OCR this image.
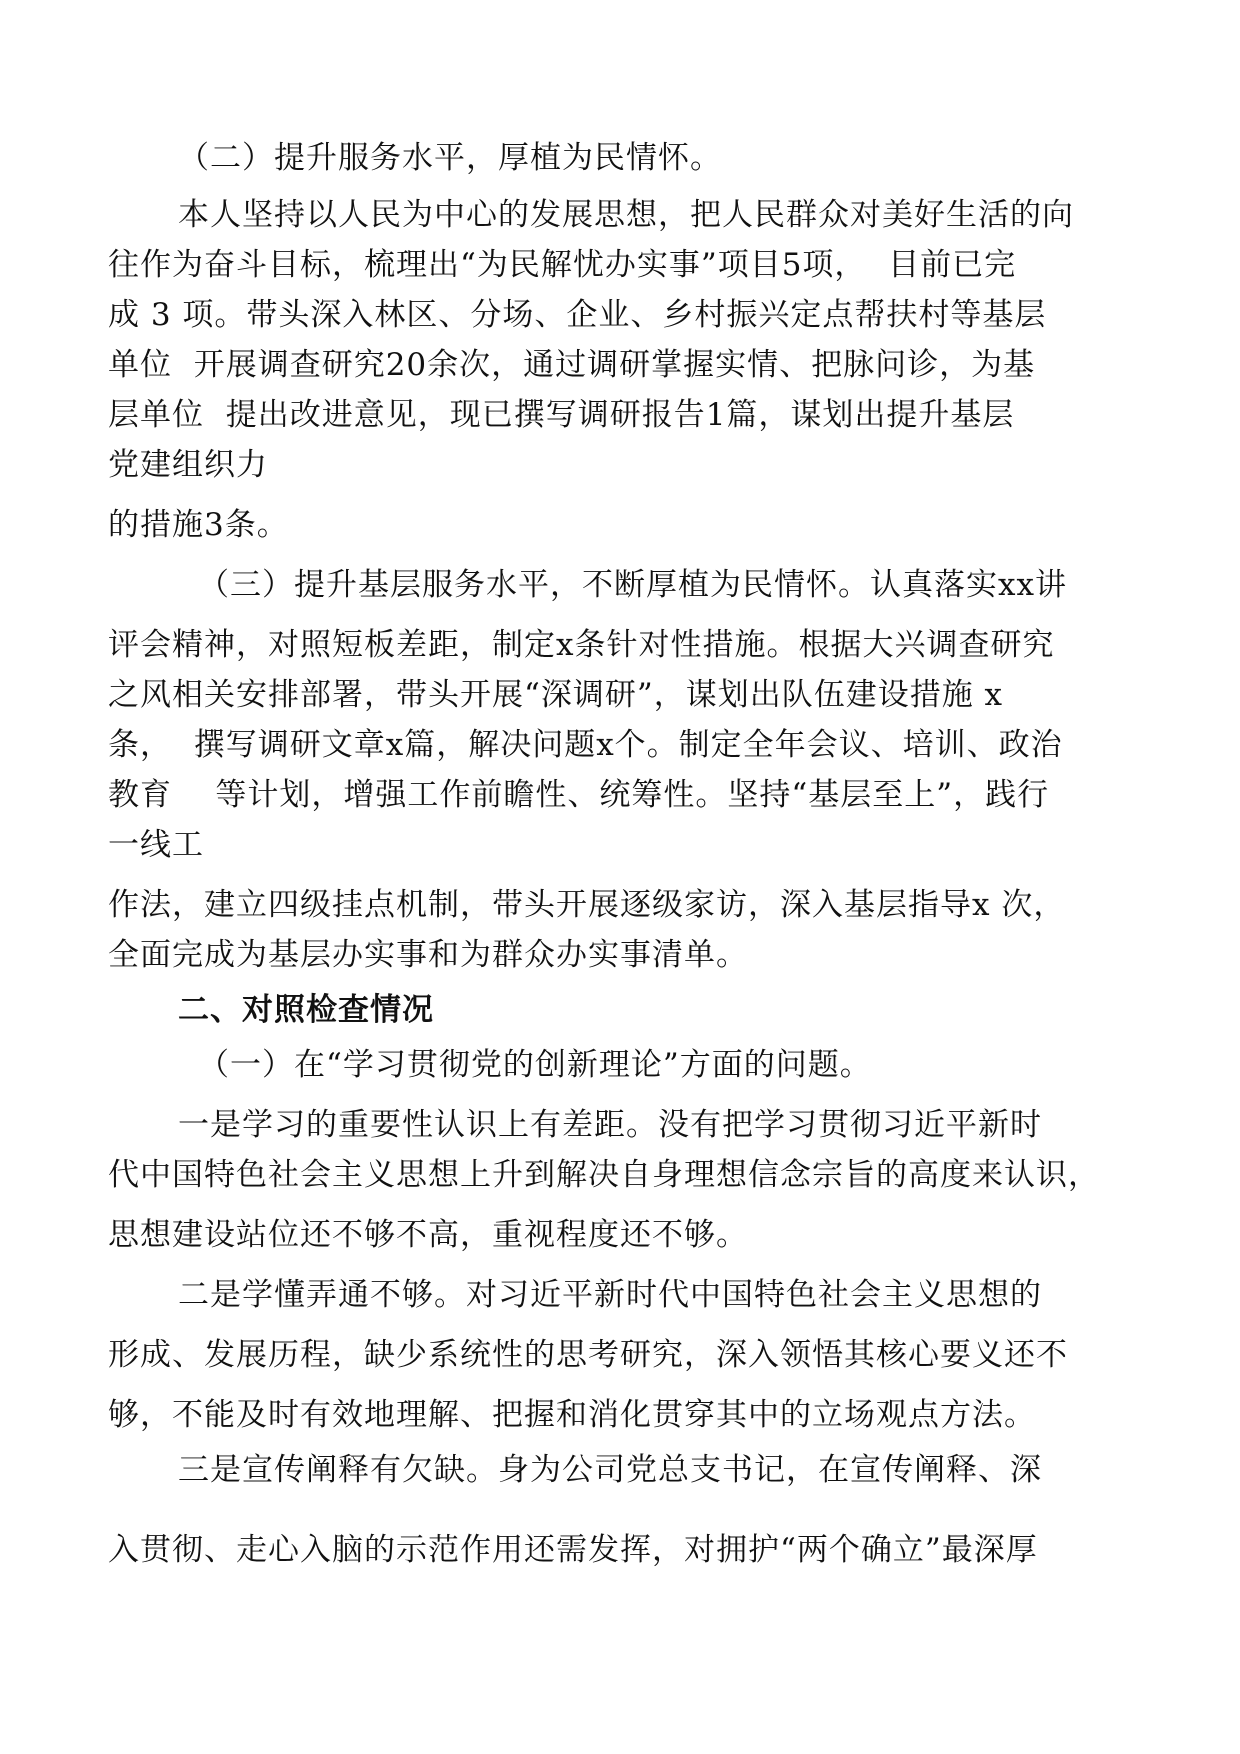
（二）提升服务水平，厚植为民情怀。

本人坚持以人民为中心的发展思想，把人民群众对美好生活的向

往作为奋斗目标，梳理出“为民解忧办实事”项目5项，  目前已完

成 3 项。带头深入林区、分场、企业、乡村振兴定点帮扶村等基层

单位  开展调查研究20余次，通过调研掌握实情、把脉问诊，为基

层单位  提出改进意见，现已撰写调研报告1篇，谋划出提升基层

党建组织力

的措施3条。

（三）提升基层服务水平，不断厚植为民情怀。认真落实xx讲

评会精神，对照短板差距，制定x条针对性措施。根据大兴调查研究

之风相关安排部署，带头开展“深调研”，谋划出队伍建设措施 x

条，  撰写调研文章x篇，解决问题x个。制定全年会议、培训、政治

教育    等计划，增强工作前瞻性、统筹性。坚持“基层至上”，践行

一线工

作法，建立四级挂点机制，带头开展逐级家访，深入基层指导x 次，

全面完成为基层办实事和为群众办实事清单。

二、对照检查情况

（一）在“学习贯彻党的创新理论”方面的问题。

一是学习的重要性认识上有差距。没有把学习贯彻习近平新时

代中国特色社会主义思想上升到解决自身理想信念宗旨的高度来认识，

思想建设站位还不够不高，重视程度还不够。

二是学懂弄通不够。对习近平新时代中国特色社会主义思想的

形成、发展历程，缺少系统性的思考研究，深入领悟其核心要义还不

够，不能及时有效地理解、把握和消化贯穿其中的立场观点方法。

三是宣传阐释有欠缺。身为公司党总支书记，在宣传阐释、深

入贯彻、走心入脑的示范作用还需发挥，对拥护“两个确立”最深厚
